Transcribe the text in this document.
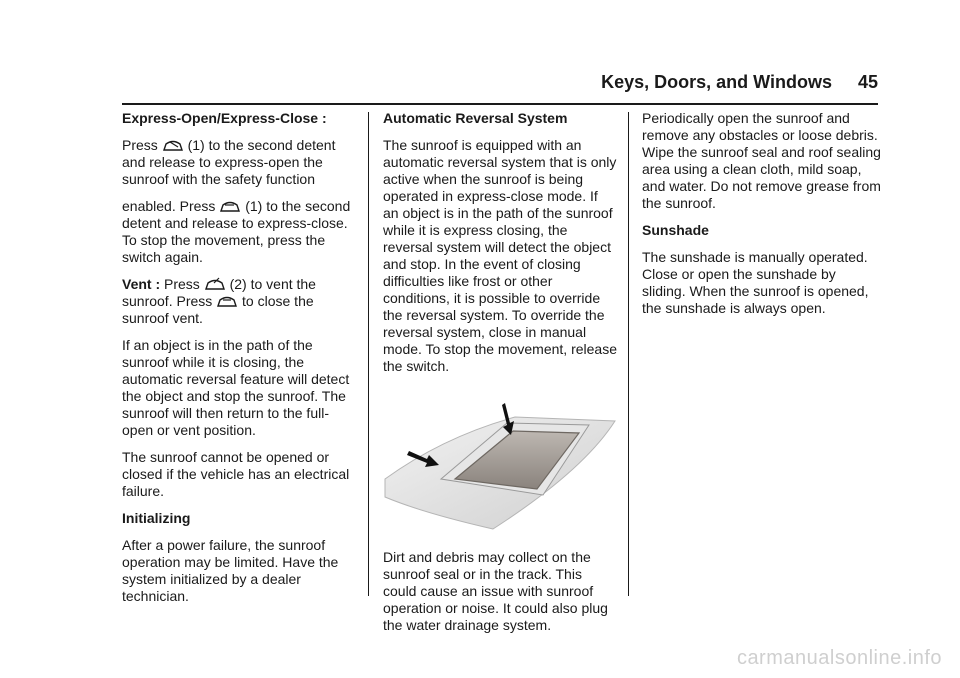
Keys, Doors, and Windows 45

Express-Open/Express-Close :

Press (1) to the second detent and release to express-open the sunroof with the safety function

enabled. Press (1) to the second detent and release to express-close. To stop the movement, press the switch again.

Vent : Press (2) to vent the
sunroof. Press to close the
sunroof vent.

If an object is in the path of the sunroof while it is closing, the automatic reversal feature will detect the object and stop the sunroof. The sunroof will then return to the full-open or vent position.

The sunroof cannot be opened or closed if the vehicle has an electrical failure.

Initializing

After a power failure, the sunroof operation may be limited. Have the system initialized by a dealer technician.

Automatic Reversal System

The sunroof is equipped with an automatic reversal system that is only active when the sunroof is being operated in express-close mode. If an object is in the path of the sunroof while it is express closing, the reversal system will detect the object and stop. In the event of closing difficulties like frost or other conditions, it is possible to override the reversal system. To override the reversal system, close in manual mode. To stop the movement, release the switch.

Dirt and debris may collect on the sunroof seal or in the track. This could cause an issue with sunroof operation or noise. It could also plug the water drainage system.

Periodically open the sunroof and remove any obstacles or loose debris. Wipe the sunroof seal and roof sealing area using a clean cloth, mild soap, and water. Do not remove grease from the sunroof.

Sunshade

The sunshade is manually operated. Close or open the sunshade by sliding. When the sunroof is opened, the sunshade is always open.

carmanualsonline.info
